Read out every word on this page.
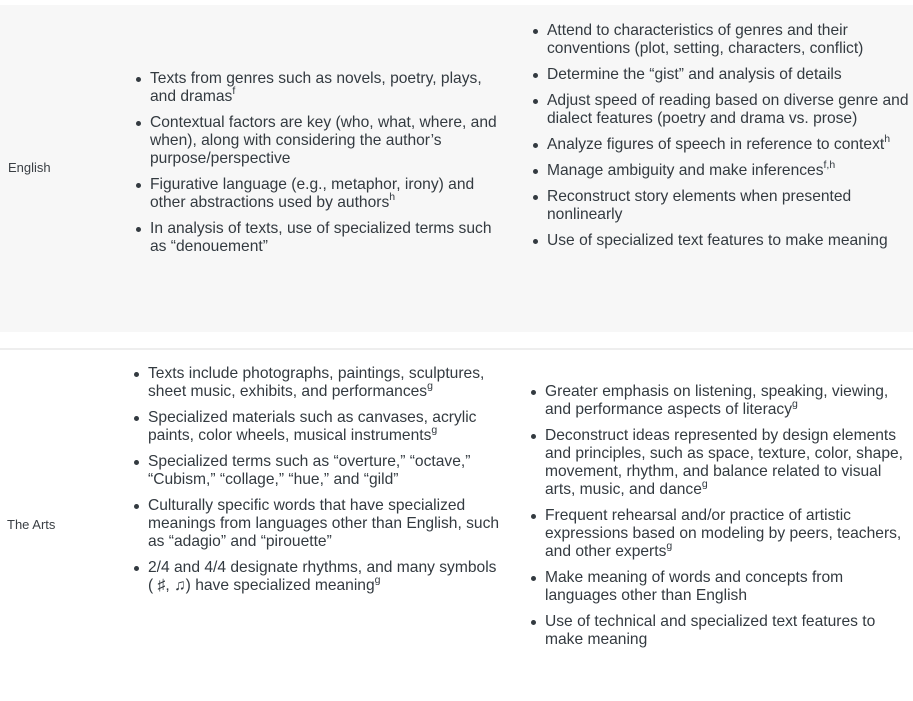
English
Texts from genres such as novels, poetry, plays, and dramas$^f$
Contextual factors are key (who, what, where, and when), along with considering the author’s purpose/perspective
Figurative language (e.g., metaphor, irony) and other abstractions used by authors$^h$
In analysis of texts, use of specialized terms such as “denouement”
Attend to characteristics of genres and their conventions (plot, setting, characters, conflict)
Determine the “gist” and analysis of details
Adjust speed of reading based on diverse genre and dialect features (poetry and drama vs. prose)
Analyze figures of speech in reference to context$^h$
Manage ambiguity and make inferences$^{f,h}$
Reconstruct story elements when presented nonlinearly
Use of specialized text features to make meaning
The Arts
Texts include photographs, paintings, sculptures, sheet music, exhibits, and performances$^g$
Specialized materials such as canvases, acrylic paints, color wheels, musical instruments$^g$
Specialized terms such as “overture,” “octave,” “Cubism,” “collage,” “hue,” and “gild”
Culturally specific words that have specialized meanings from languages other than English, such as “adagio” and “pirouette”
2/4 and 4/4 designate rhythms, and many symbols ( ♯, ♫) have specialized meaning$^g$
Greater emphasis on listening, speaking, viewing, and performance aspects of literacy$^g$
Deconstruct ideas represented by design elements and principles, such as space, texture, color, shape, movement, rhythm, and balance related to visual arts, music, and dance$^g$
Frequent rehearsal and/or practice of artistic expressions based on modeling by peers, teachers, and other experts$^g$
Make meaning of words and concepts from languages other than English
Use of technical and specialized text features to make meaning
